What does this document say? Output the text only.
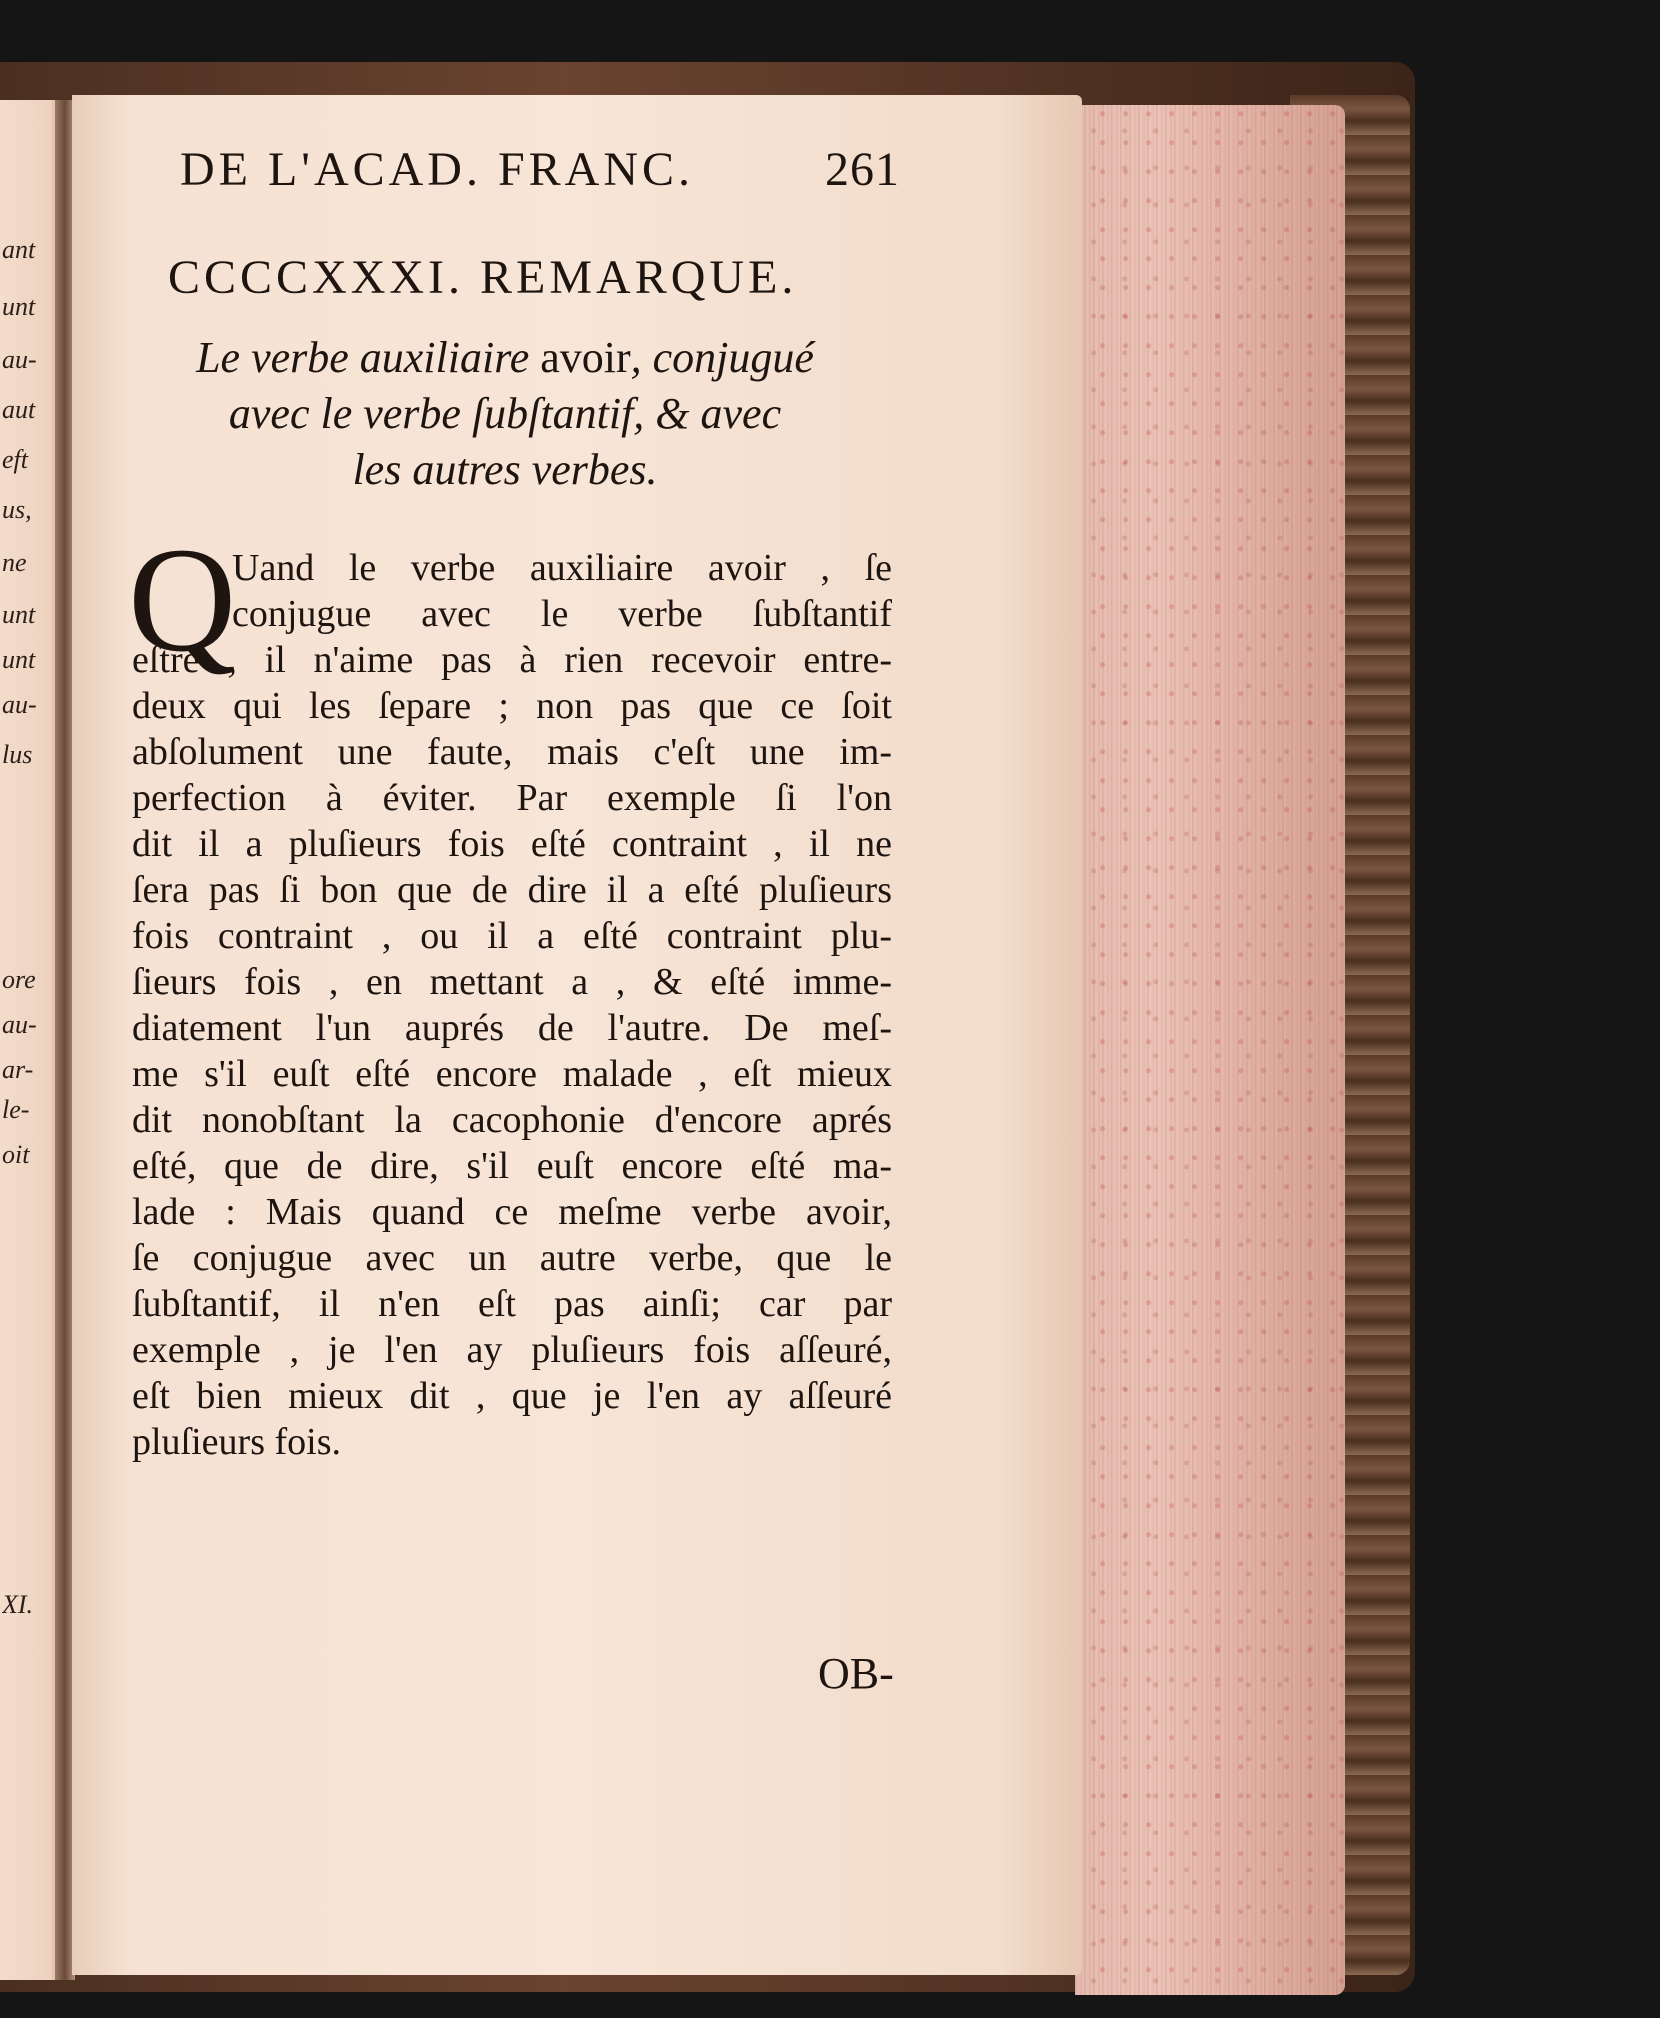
ant
unt
au-
aut
eft
us,
ne
unt
unt
au-
lus
ore
au-
ar-
le-
oit
XI.
DE L'ACAD. FRANC.	261
CCCCXXXI. REMARQUE.
Le verbe auxiliaire avoir, conjugué
avec le verbe ſubſtantif, & avec
les autres verbes.
Q
Uand le verbe auxiliaire avoir , ſe
conjugue avec le verbe ſubſtantif
eſtre , il n'aime pas à rien recevoir entre-
deux qui les ſepare ; non pas que ce ſoit
abſolument une faute, mais c'eſt une im-
perfection à éviter. Par exemple ſi l'on
dit il a pluſieurs fois eſté contraint , il ne
ſera pas ſi bon que de dire il a eſté pluſieurs
fois contraint , ou il a eſté contraint plu-
ſieurs fois , en mettant a , & eſté imme-
diatement l'un auprés de l'autre. De meſ-
me s'il euſt eſté encore malade , eſt mieux
dit nonobſtant la cacophonie d'encore aprés
eſté, que de dire, s'il euſt encore eſté ma-
lade : Mais quand ce meſme verbe avoir,
ſe conjugue avec un autre verbe, que le
ſubſtantif, il n'en eſt pas ainſi; car par
exemple , je l'en ay pluſieurs fois aſſeuré,
eſt bien mieux dit , que je l'en ay aſſeuré
pluſieurs fois.
OB-
